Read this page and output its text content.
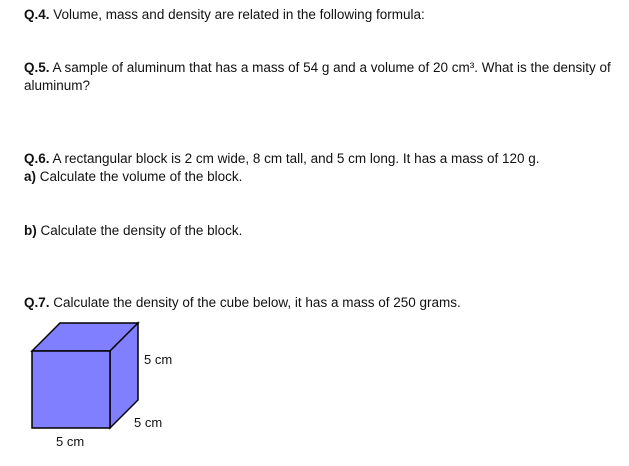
Q.4. Volume, mass and density are related in the following formula:
Q.5. A sample of aluminum that has a mass of 54 g and a volume of 20 cm³. What is the density of aluminum?
Q.6. A rectangular block is 2 cm wide, 8 cm tall, and 5 cm long. It has a mass of 120 g.
a) Calculate the volume of the block.
b) Calculate the density of the block.
Q.7. Calculate the density of the cube below, it has a mass of 250 grams.
5 cm
5 cm
5 cm
